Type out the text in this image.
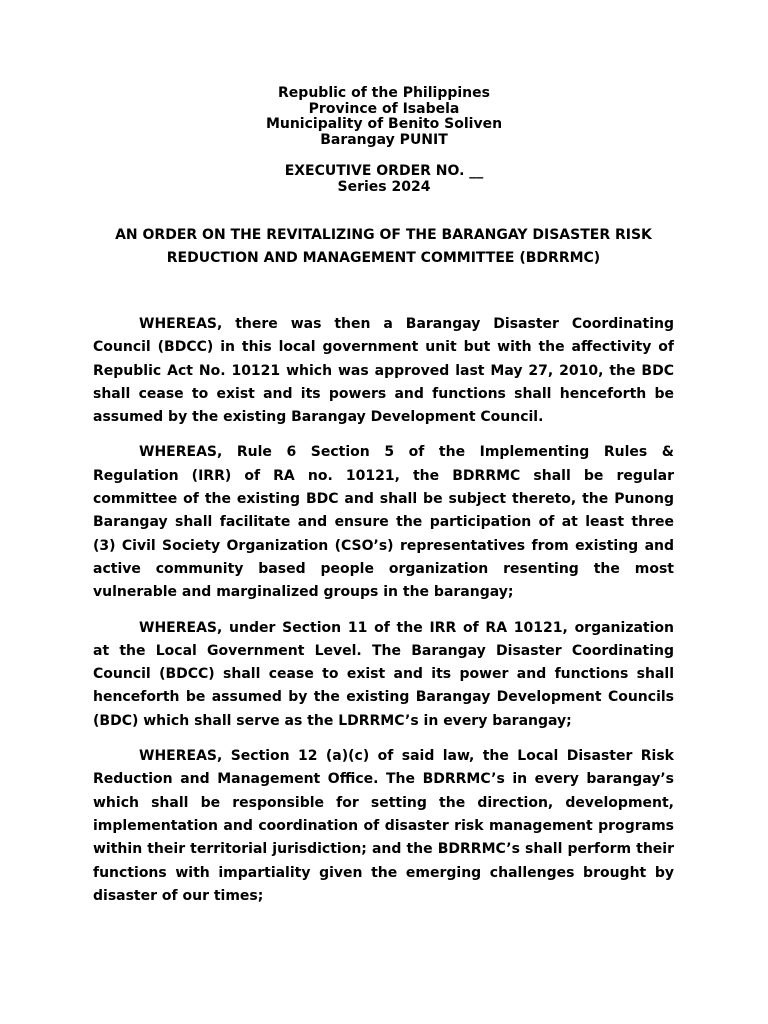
Republic of the Philippines
Province of Isabela
Municipality of Benito Soliven
Barangay PUNIT
EXECUTIVE ORDER NO. __
Series 2024
AN ORDER ON THE REVITALIZING OF THE BARANGAY DISASTER RISK
REDUCTION AND MANAGEMENT COMMITTEE (BDRRMC)

WHEREAS, there was then a Barangay Disaster Coordinating Council (BDCC) in this local government unit but with the affectivity of Republic Act No. 10121 which was approved last May 27, 2010, the BDC shall cease to exist and its powers and functions shall henceforth be assumed by the existing Barangay Development Council.

WHEREAS, Rule 6 Section 5 of the Implementing Rules & Regulation (IRR) of RA no. 10121, the BDRRMC shall be regular committee of the existing BDC and shall be subject thereto, the Punong Barangay shall facilitate and ensure the participation of at least three (3) Civil Society Organization (CSO’s) representatives from existing and active community based people organization resenting the most vulnerable and marginalized groups in the barangay;

WHEREAS, under Section 11 of the IRR of RA 10121, organization at the Local Government Level. The Barangay Disaster Coordinating Council (BDCC) shall cease to exist and its power and functions shall henceforth be assumed by the existing Barangay Development Councils (BDC) which shall serve as the LDRRMC’s in every barangay;

WHEREAS, Section 12 (a)(c) of said law, the Local Disaster Risk Reduction and Management Office. The BDRRMC’s in every barangay’s which shall be responsible for setting the direction, development, implementation and coordination of disaster risk management programs within their territorial jurisdiction; and the BDRRMC’s shall perform their functions with impartiality given the emerging challenges brought by disaster of our times;
